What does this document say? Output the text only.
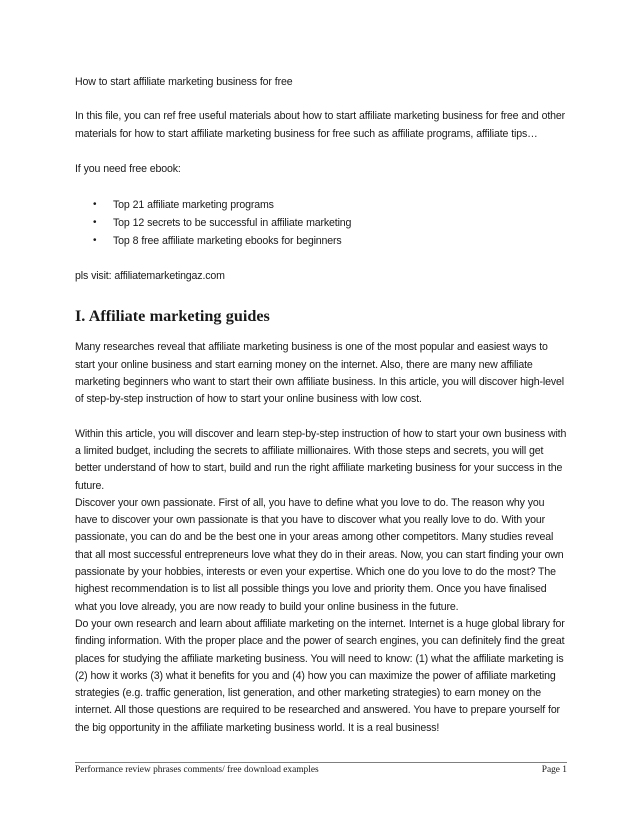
How to start affiliate marketing business for free

In this file, you can ref free useful materials about how to start affiliate marketing business for free and other materials for how to start affiliate marketing business for free such as affiliate programs, affiliate tips…

If you need free ebook:

• Top 21 affiliate marketing programs
• Top 12 secrets to be successful in affiliate marketing
• Top 8 free affiliate marketing ebooks for beginners

pls visit: affiliatemarketingaz.com

I. Affiliate marketing guides

Many researches reveal that affiliate marketing business is one of the most popular and easiest ways to start your online business and start earning money on the internet. Also, there are many new affiliate marketing beginners who want to start their own affiliate business. In this article, you will discover high-level of step-by-step instruction of how to start your online business with low cost.

Within this article, you will discover and learn step-by-step instruction of how to start your own business with a limited budget, including the secrets to affiliate millionaires. With those steps and secrets, you will get better understand of how to start, build and run the right affiliate marketing business for your success in the future.

Discover your own passionate. First of all, you have to define what you love to do. The reason why you have to discover your own passionate is that you have to discover what you really love to do. With your passionate, you can do and be the best one in your areas among other competitors. Many studies reveal that all most successful entrepreneurs love what they do in their areas. Now, you can start finding your own passionate by your hobbies, interests or even your expertise. Which one do you love to do the most? The highest recommendation is to list all possible things you love and priority them. Once you have finalised what you love already, you are now ready to build your online business in the future.

Do your own research and learn about affiliate marketing on the internet. Internet is a huge global library for finding information. With the proper place and the power of search engines, you can definitely find the great places for studying the affiliate marketing business. You will need to know: (1) what the affiliate marketing is (2) how it works (3) what it benefits for you and (4) how you can maximize the power of affiliate marketing strategies (e.g. traffic generation, list generation, and other marketing strategies) to earn money on the internet. All those questions are required to be researched and answered. You have to prepare yourself for the big opportunity in the affiliate marketing business world. It is a real business!

Performance review phrases comments/ free download examples	Page 1
